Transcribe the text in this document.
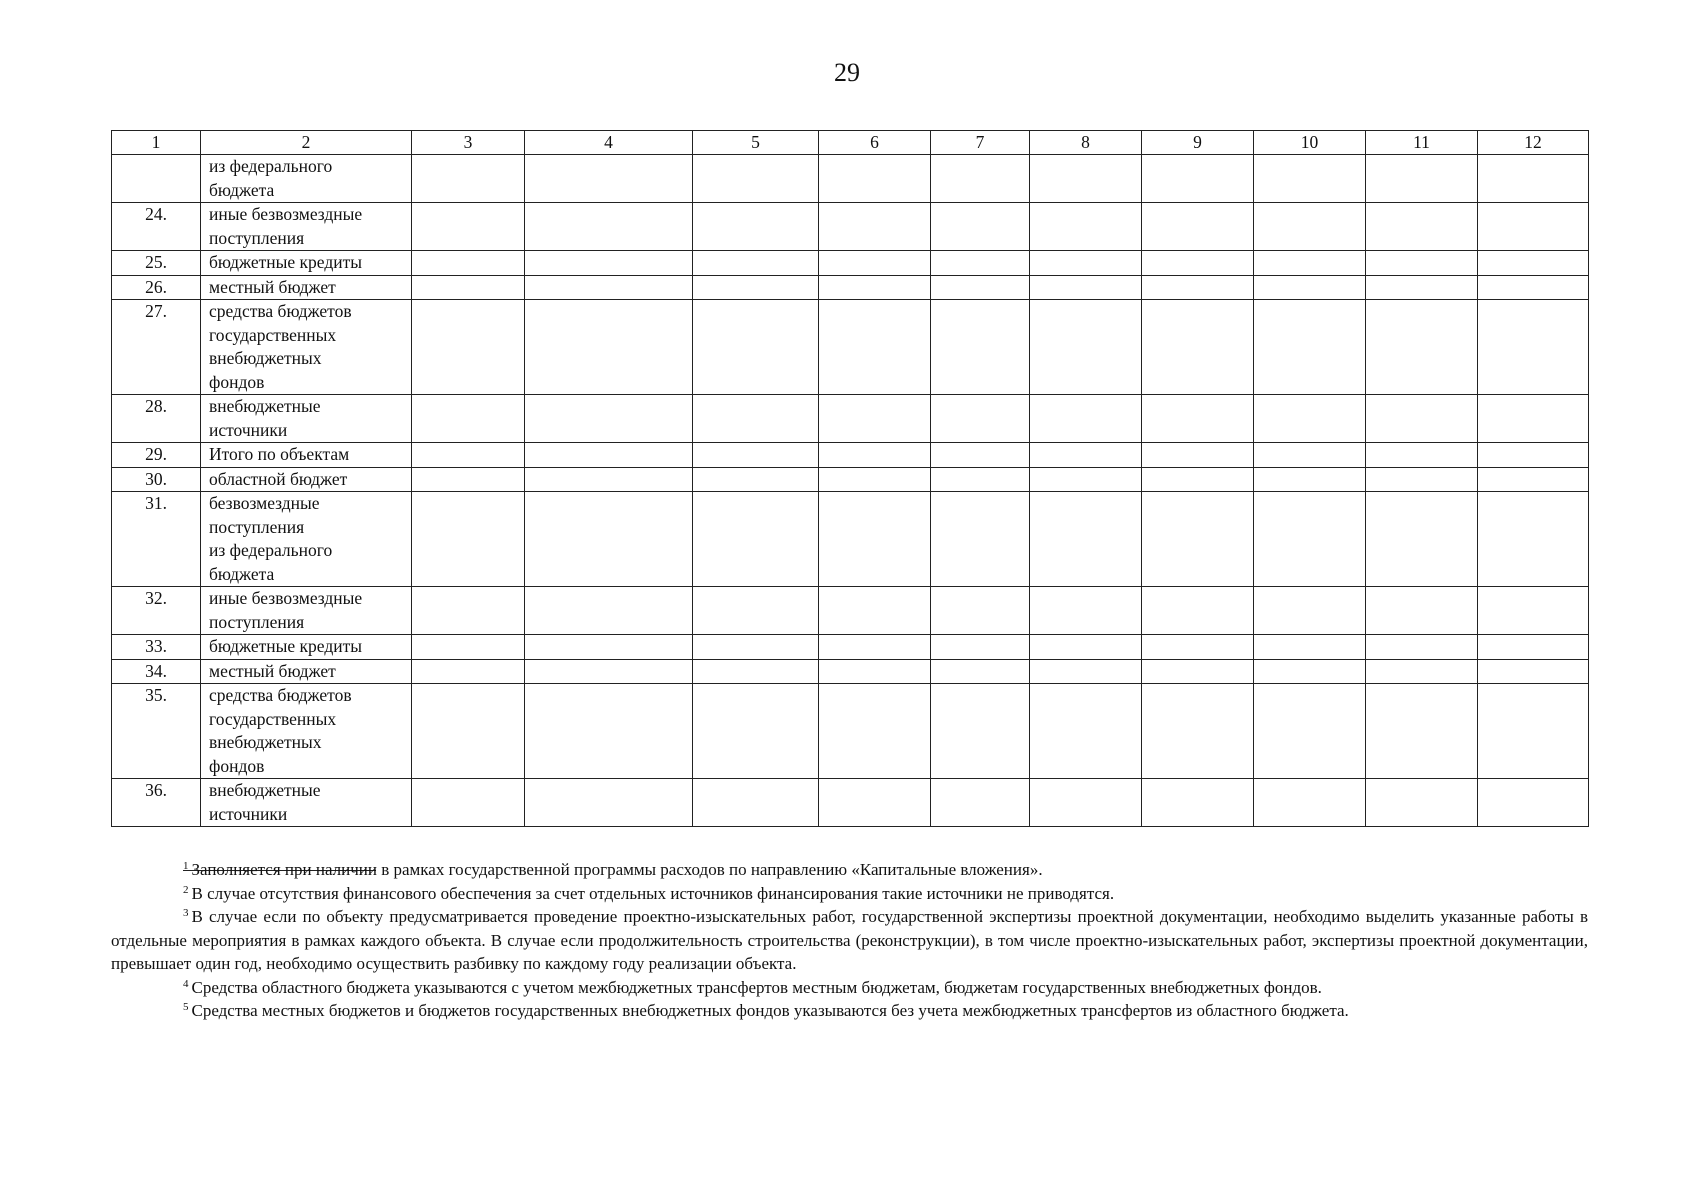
29
1	2	3	4	5	6	7	8	9	10	11	12
	из федерального
бюджета										
24.	иные безвозмездные
поступления										
25.	бюджетные кредиты										
26.	местный бюджет										
27.	средства бюджетов
государственных
внебюджетных
фондов										
28.	внебюджетные
источники										
29.	Итого по объектам										
30.	областной бюджет										
31.	безвозмездные
поступления
из федерального
бюджета										
32.	иные безвозмездные
поступления										
33.	бюджетные кредиты										
34.	местный бюджет										
35.	средства бюджетов
государственных
внебюджетных
фондов										
36.	внебюджетные
источники										

$^1$ Заполняется при наличии в рамках государственной программы расходов по направлению «Капитальные вложения».

$^2$ В случае отсутствия финансового обеспечения за счет отдельных источников финансирования такие источники не приводятся.

$^3$ В случае если по объекту предусматривается проведение проектно-изыскательных работ, государственной экспертизы проектной документации, необходимо выделить указанные работы в отдельные мероприятия в рамках каждого объекта. В случае если продолжительность строительства (реконструкции), в том числе проектно-изыскательных работ, экспертизы проектной документации, превышает один год, необходимо осуществить разбивку по каждому году реализации объекта.

$^4$ Средства областного бюджета указываются с учетом межбюджетных трансфертов местным бюджетам, бюджетам государственных внебюджетных фондов.

$^5$ Средства местных бюджетов и бюджетов государственных внебюджетных фондов указываются без учета межбюджетных трансфертов из областного бюджета.
